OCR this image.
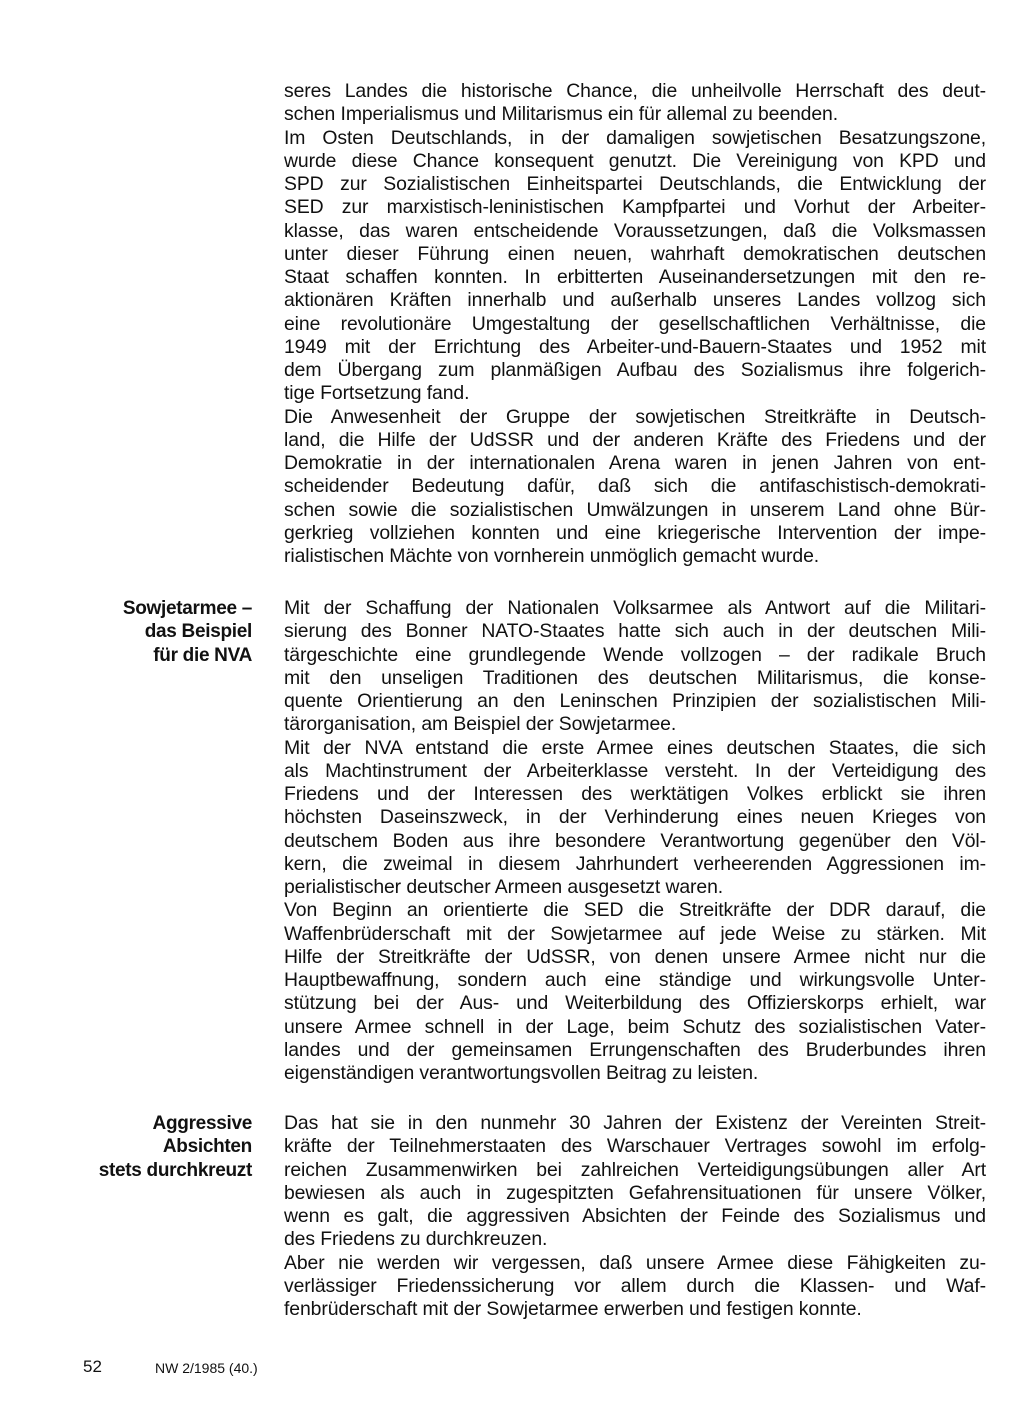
seres Landes die historische Chance, die unheilvolle Herrschaft des deut-
schen Imperialismus und Militarismus ein für allemal zu beenden.
Im Osten Deutschlands, in der damaligen sowjetischen Besatzungszone,
wurde diese Chance konsequent genutzt. Die Vereinigung von KPD und
SPD zur Sozialistischen Einheitspartei Deutschlands, die Entwicklung der
SED zur marxistisch-leninistischen Kampfpartei und Vorhut der Arbeiter-
klasse, das waren entscheidende Voraussetzungen, daß die Volksmassen
unter dieser Führung einen neuen, wahrhaft demokratischen deutschen
Staat schaffen konnten. In erbitterten Auseinandersetzungen mit den re-
aktionären Kräften innerhalb und außerhalb unseres Landes vollzog sich
eine revolutionäre Umgestaltung der gesellschaftlichen Verhältnisse, die
1949 mit der Errichtung des Arbeiter-und-Bauern-Staates und 1952 mit
dem Übergang zum planmäßigen Aufbau des Sozialismus ihre folgerich-
tige Fortsetzung fand.
Die Anwesenheit der Gruppe der sowjetischen Streitkräfte in Deutsch-
land, die Hilfe der UdSSR und der anderen Kräfte des Friedens und der
Demokratie in der internationalen Arena waren in jenen Jahren von ent-
scheidender Bedeutung dafür, daß sich die antifaschistisch-demokrati-
schen sowie die sozialistischen Umwälzungen in unserem Land ohne Bür-
gerkrieg vollziehen konnten und eine kriegerische Intervention der impe-
rialistischen Mächte von vornherein unmöglich gemacht wurde.
Sowjetarmee –
das Beispiel
für die NVA
Mit der Schaffung der Nationalen Volksarmee als Antwort auf die Militari-
sierung des Bonner NATO-Staates hatte sich auch in der deutschen Mili-
tärgeschichte eine grundlegende Wende vollzogen – der radikale Bruch
mit den unseligen Traditionen des deutschen Militarismus, die konse-
quente Orientierung an den Leninschen Prinzipien der sozialistischen Mili-
tärorganisation, am Beispiel der Sowjetarmee.
Mit der NVA entstand die erste Armee eines deutschen Staates, die sich
als Machtinstrument der Arbeiterklasse versteht. In der Verteidigung des
Friedens und der Interessen des werktätigen Volkes erblickt sie ihren
höchsten Daseinszweck, in der Verhinderung eines neuen Krieges von
deutschem Boden aus ihre besondere Verantwortung gegenüber den Völ-
kern, die zweimal in diesem Jahrhundert verheerenden Aggressionen im-
perialistischer deutscher Armeen ausgesetzt waren.
Von Beginn an orientierte die SED die Streitkräfte der DDR darauf, die
Waffenbrüderschaft mit der Sowjetarmee auf jede Weise zu stärken. Mit
Hilfe der Streitkräfte der UdSSR, von denen unsere Armee nicht nur die
Hauptbewaffnung, sondern auch eine ständige und wirkungsvolle Unter-
stützung bei der Aus- und Weiterbildung des Offizierskorps erhielt, war
unsere Armee schnell in der Lage, beim Schutz des sozialistischen Vater-
landes und der gemeinsamen Errungenschaften des Bruderbundes ihren
eigenständigen verantwortungsvollen Beitrag zu leisten.
Aggressive
Absichten
stets durchkreuzt
Das hat sie in den nunmehr 30 Jahren der Existenz der Vereinten Streit-
kräfte der Teilnehmerstaaten des Warschauer Vertrages sowohl im erfolg-
reichen Zusammenwirken bei zahlreichen Verteidigungsübungen aller Art
bewiesen als auch in zugespitzten Gefahrensituationen für unsere Völker,
wenn es galt, die aggressiven Absichten der Feinde des Sozialismus und
des Friedens zu durchkreuzen.
Aber nie werden wir vergessen, daß unsere Armee diese Fähigkeiten zu-
verlässiger Friedenssicherung vor allem durch die Klassen- und Waf-
fenbrüderschaft mit der Sowjetarmee erwerben und festigen konnte.
52	NW 2/1985 (40.)
